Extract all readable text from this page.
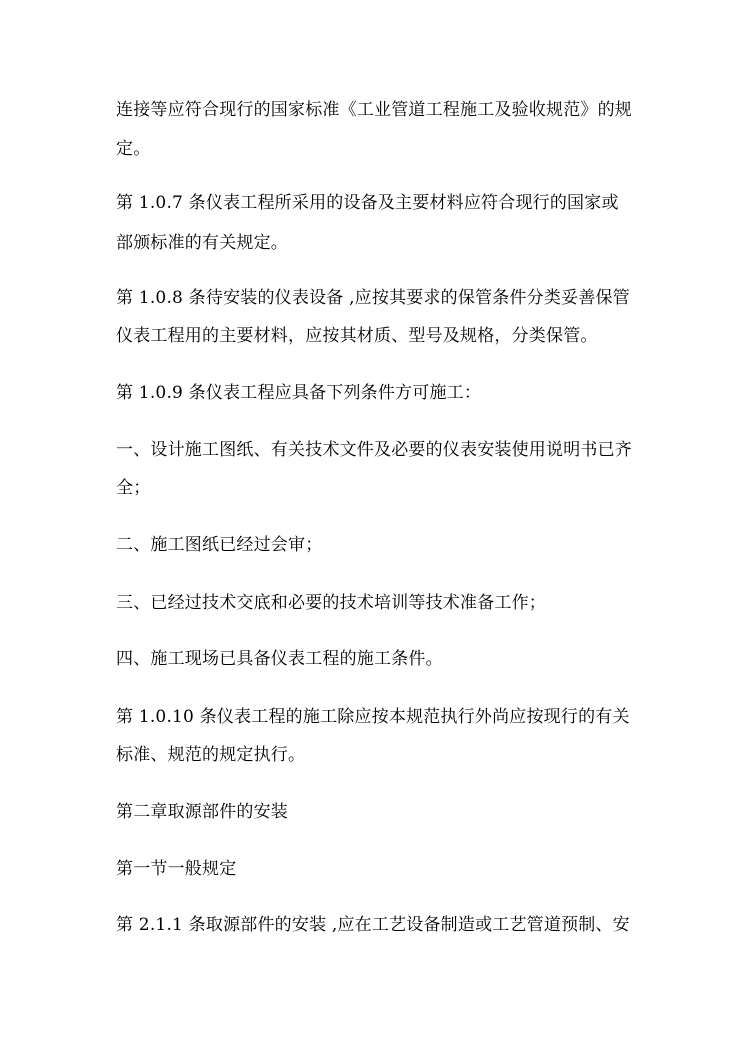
连接等应符合现行的国家标准《工业管道工程施工及验收规范》的规

定。

第 1.0.7 条仪表工程所采用的设备及主要材料应符合现行的国家或

部颁标准的有关规定。

第 1.0.8 条待安装的仪表设备 ,应按其要求的保管条件分类妥善保管

仪表工程用的主要材料，应按其材质、型号及规格，分类保管。

第 1.0.9 条仪表工程应具备下列条件方可施工：

一、设计施工图纸、有关技术文件及必要的仪表安装使用说明书已齐

全；

二、施工图纸已经过会审；

三、已经过技术交底和必要的技术培训等技术准备工作；

四、施工现场已具备仪表工程的施工条件。

第 1.0.10 条仪表工程的施工除应按本规范执行外尚应按现行的有关

标准、规范的规定执行。

第二章取源部件的安装

第一节一般规定

第 2.1.1 条取源部件的安装 ,应在工艺设备制造或工艺管道预制、安
